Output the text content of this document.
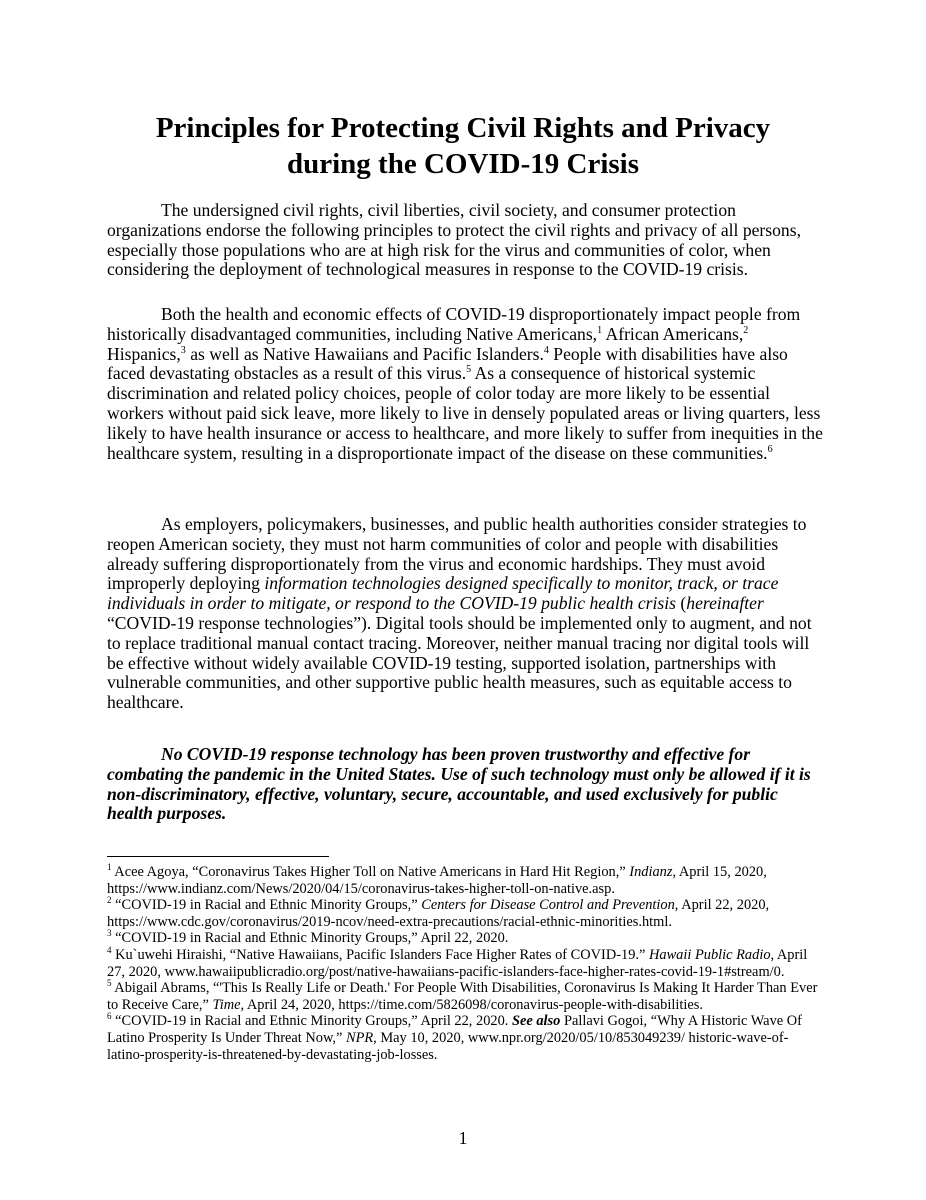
Principles for Protecting Civil Rights and Privacy
during the COVID-19 Crisis

The undersigned civil rights, civil liberties, civil society, and consumer protection organizations endorse the following principles to protect the civil rights and privacy of all persons, especially those populations who are at high risk for the virus and communities of color, when considering the deployment of technological measures in response to the COVID-19 crisis.

Both the health and economic effects of COVID-19 disproportionately impact people from historically disadvantaged communities, including Native Americans,$^1$ African Americans,$^2$ Hispanics,$^3$ as well as Native Hawaiians and Pacific Islanders.$^4$ People with disabilities have also faced devastating obstacles as a result of this virus.$^5$ As a consequence of historical systemic discrimination and related policy choices, people of color today are more likely to be essential workers without paid sick leave, more likely to live in densely populated areas or living quarters, less likely to have health insurance or access to healthcare, and more likely to suffer from inequities in the healthcare system, resulting in a disproportionate impact of the disease on these communities.$^6$

As employers, policymakers, businesses, and public health authorities consider strategies to reopen American society, they must not harm communities of color and people with disabilities already suffering disproportionately from the virus and economic hardships. They must avoid improperly deploying information technologies designed specifically to monitor, track, or trace individuals in order to mitigate, or respond to the COVID-19 public health crisis (hereinafter “COVID-19 response technologies”). Digital tools should be implemented only to augment, and not to replace traditional manual contact tracing. Moreover, neither manual tracing nor digital tools will be effective without widely available COVID-19 testing, supported isolation, partnerships with vulnerable communities, and other supportive public health measures, such as equitable access to healthcare.

No COVID-19 response technology has been proven trustworthy and effective for combating the pandemic in the United States. Use of such technology must only be allowed if it is non-discriminatory, effective, voluntary, secure, accountable, and used exclusively for public health purposes.

$^1$ Acee Agoya, “Coronavirus Takes Higher Toll on Native Americans in Hard Hit Region,” Indianz, April 15, 2020, https://www.indianz.com/News/2020/04/15/coronavirus-takes-higher-toll-on-native.asp.

$^2$ “COVID-19 in Racial and Ethnic Minority Groups,” Centers for Disease Control and Prevention, April 22, 2020, https://www.cdc.gov/coronavirus/2019-ncov/need-extra-precautions/racial-ethnic-minorities.html.

$^3$ “COVID-19 in Racial and Ethnic Minority Groups,” April 22, 2020.

$^4$ Ku`uwehi Hiraishi, “Native Hawaiians, Pacific Islanders Face Higher Rates of COVID-19.” Hawaii Public Radio, April 27, 2020, www.hawaiipublicradio.org/post/native-hawaiians-pacific-islanders-face-higher-rates-covid-19-1#stream/0.

$^5$ Abigail Abrams, “'This Is Really Life or Death.' For People With Disabilities, Coronavirus Is Making It Harder Than Ever to Receive Care,” Time, April 24, 2020, https://time.com/5826098/coronavirus-people-with-disabilities.

$^6$ “COVID-19 in Racial and Ethnic Minority Groups,” April 22, 2020. See also Pallavi Gogoi, “Why A Historic Wave Of Latino Prosperity Is Under Threat Now,” NPR, May 10, 2020, www.npr.org/2020/05/10/853049239/ historic-wave-of-latino-prosperity-is-threatened-by-devastating-job-losses.

1
